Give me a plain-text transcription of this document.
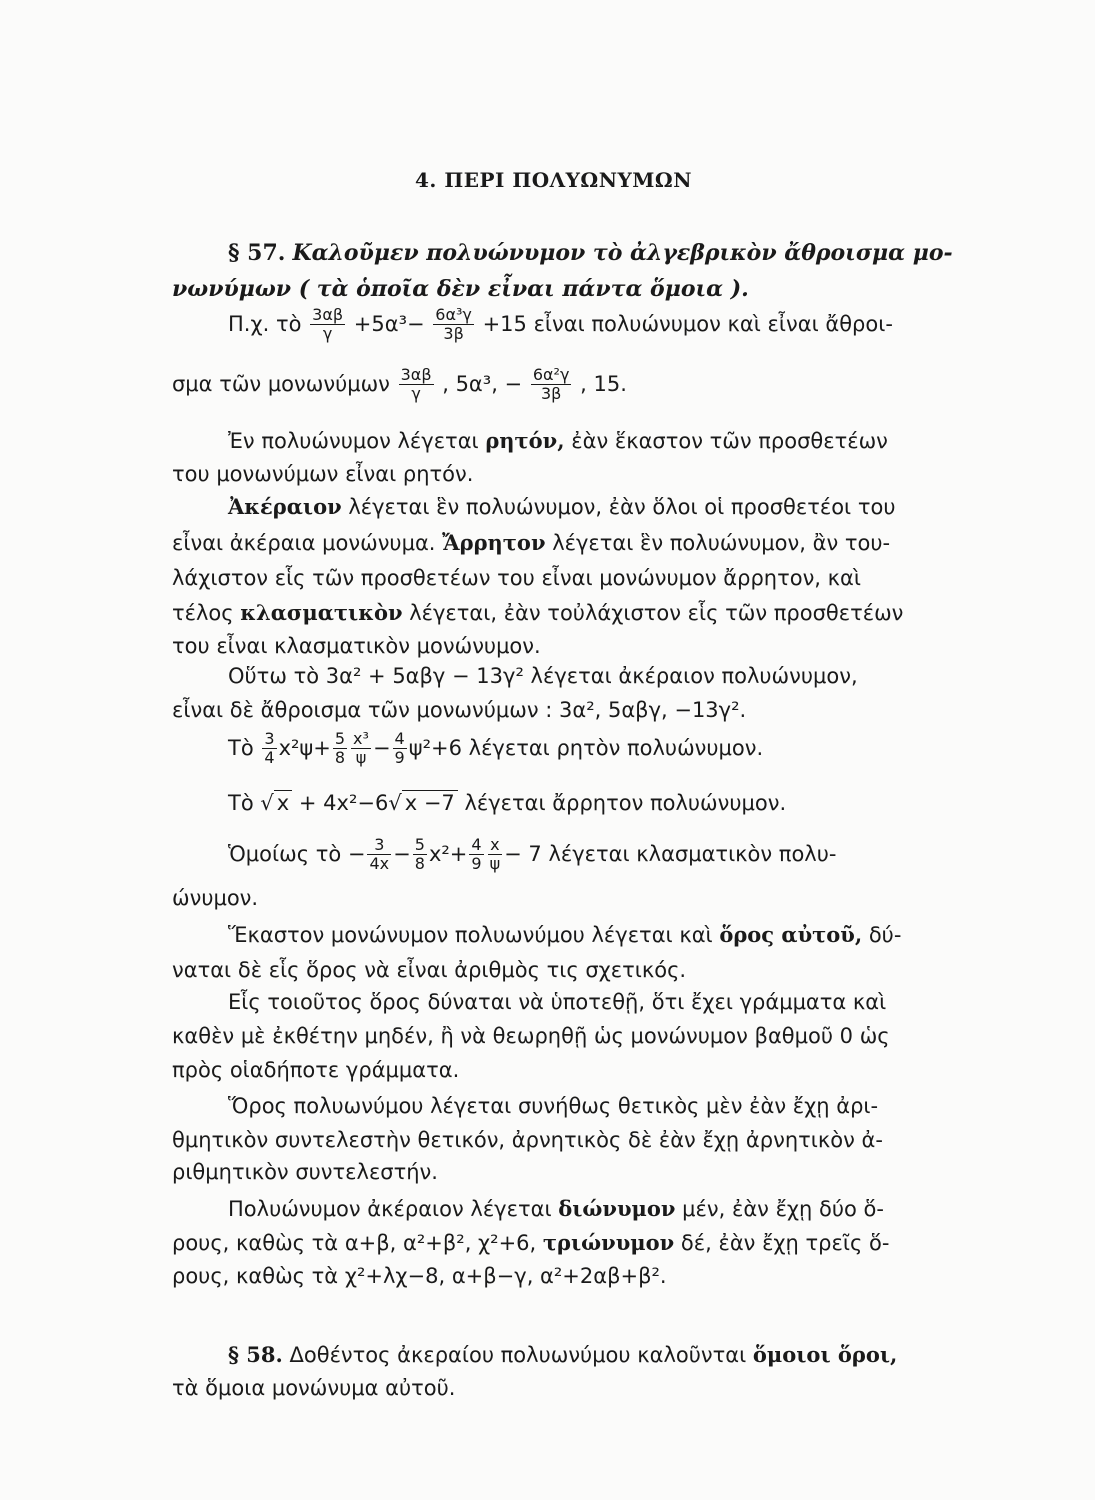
4. ΠΕΡΙ ΠΟΛΥΩΝΥΜΩΝ
§ 57. Καλοῦμεν πολυώνυμον τὸ ἀλγεβρικὸν ἄθροισμα μο-
νωνύμων ( τὰ ὁποῖα δὲν εἶναι πάντα ὅμοια ).
Π.χ. τὸ $\frac{3\alpha\beta}{\gamma} +5\alpha^3- \frac{\text{6α³γ}}{3\beta} +15$ εἶναι πολυώνυμον καὶ εἶναι ἄθροι-
σμα τῶν μονωνύμων $\frac{3\alpha\beta}{\gamma}$ , 5α³, − $\frac{\text{6α²γ}}{3\beta}$ , 15.
Ἐν πολυώνυμον λέγεται ρητόν, ἐὰν ἕκαστον τῶν προσθετέων
του μονωνύμων εἶναι ρητόν.
Ἀκέραιον λέγεται ἓν πολυώνυμον, ἐὰν ὅλοι οἱ προσθετέοι του
εἶναι ἀκέραια μονώνυμα. Ἄρρητον λέγεται ἓν πολυώνυμον, ἂν του-
λάχιστον εἷς τῶν προσθετέων του εἶναι μονώνυμον ἄρρητον, καὶ
τέλος κλασματικὸν λέγεται, ἐὰν τοὐλάχιστον εἷς τῶν προσθετέων
του εἶναι κλασματικὸν μονώνυμον.
Οὕτω τὸ 3α² + 5αβγ − 13γ² λέγεται ἀκέραιον πολυώνυμον,
εἶναι δὲ ἄθροισμα τῶν μονωνύμων : 3α², 5αβγ, −13γ².
Τὸ $\frac{3}{4} x^2\psi+ \frac{5}{8} \frac{\text{x³}}{\psi} - \frac{4}{9} \psi^2+6$ λέγεται ρητὸν πολυώνυμον.
Τὸ √ x + 4x²−6√ x −7 λέγεται ἄρρητον πολυώνυμον.
Ὁμοίως τὸ − $\frac{3}{4x} - \frac{5}{8} x^2+ \frac{4}{9} \frac{x}{\psi} - 7$ λέγεται κλασματικὸν πολυ-
ώνυμον.
Ἕκαστον μονώνυμον πολυωνύμου λέγεται καὶ ὅρος αὐτοῦ, δύ-
ναται δὲ εἷς ὅρος νὰ εἶναι ἀριθμὸς τις σχετικός.
Εἷς τοιοῦτος ὅρος δύναται νὰ ὑποτεθῇ, ὅτι ἔχει γράμματα καὶ
καθὲν μὲ ἐκθέτην μηδέν, ἢ νὰ θεωρηθῇ ὡς μονώνυμον βαθμοῦ 0 ὡς
πρὸς οἱαδήποτε γράμματα.
Ὅρος πολυωνύμου λέγεται συνήθως θετικὸς μὲν ἐὰν ἔχῃ ἀρι-
θμητικὸν συντελεστὴν θετικόν, ἀρνητικὸς δὲ ἐὰν ἔχῃ ἀρνητικὸν ἀ-
ριθμητικὸν συντελεστήν.
Πολυώνυμον ἀκέραιον λέγεται διώνυμον μέν, ἐὰν ἔχῃ δύο ὅ-
ρους, καθὼς τὰ α+β, α²+β², χ²+6, τριώνυμον δέ, ἐὰν ἔχῃ τρεῖς ὅ-
ρους, καθὼς τὰ χ²+λχ−8, α+β−γ, α²+2αβ+β².
§ 58. Δοθέντος ἀκεραίου πολυωνύμου καλοῦνται ὅμοιοι ὅροι,
τὰ ὅμοια μονώνυμα αὐτοῦ.
